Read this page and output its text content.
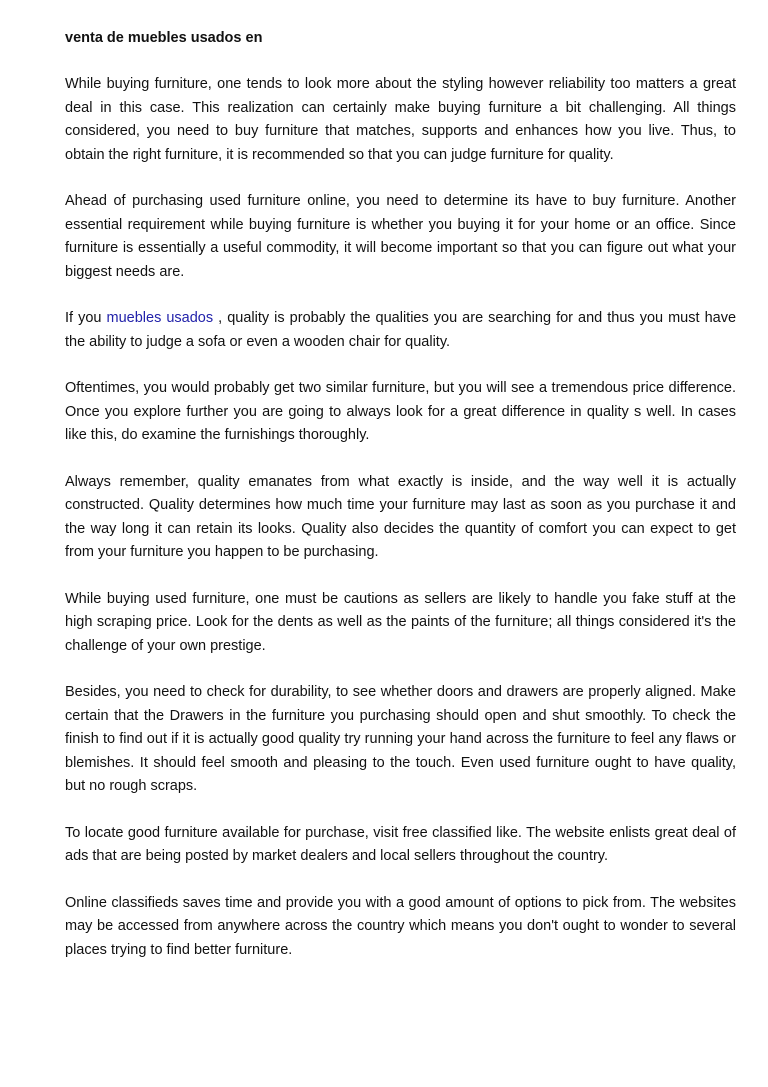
venta de muebles usados en

While buying furniture, one tends to look more about the styling however reliability too matters a great deal in this case. This realization can certainly make buying furniture a bit challenging. All things considered, you need to buy furniture that matches, supports and enhances how you live. Thus, to obtain the right furniture, it is recommended so that you can judge furniture for quality.

Ahead of purchasing used furniture online, you need to determine its have to buy furniture. Another essential requirement while buying furniture is whether you buying it for your home or an office. Since furniture is essentially a useful commodity, it will become important so that you can figure out what your biggest needs are.

If you muebles usados , quality is probably the qualities you are searching for and thus you must have the ability to judge a sofa or even a wooden chair for quality.

Oftentimes, you would probably get two similar furniture, but you will see a tremendous price difference. Once you explore further you are going to always look for a great difference in quality s well. In cases like this, do examine the furnishings thoroughly.

Always remember, quality emanates from what exactly is inside, and the way well it is actually constructed. Quality determines how much time your furniture may last as soon as you purchase it and the way long it can retain its looks. Quality also decides the quantity of comfort you can expect to get from your furniture you happen to be purchasing.

While buying used furniture, one must be cautions as sellers are likely to handle you fake stuff at the high scraping price. Look for the dents as well as the paints of the furniture; all things considered it's the challenge of your own prestige.

Besides, you need to check for durability, to see whether doors and drawers are properly aligned. Make certain that the Drawers in the furniture you purchasing should open and shut smoothly. To check the finish to find out if it is actually good quality try running your hand across the furniture to feel any flaws or blemishes. It should feel smooth and pleasing to the touch. Even used furniture ought to have quality, but no rough scraps.

To locate good furniture available for purchase, visit free classified like. The website enlists great deal of ads that are being posted by market dealers and local sellers throughout the country.

Online classifieds saves time and provide you with a good amount of options to pick from. The websites may be accessed from anywhere across the country which means you don't ought to wonder to several places trying to find better furniture.
